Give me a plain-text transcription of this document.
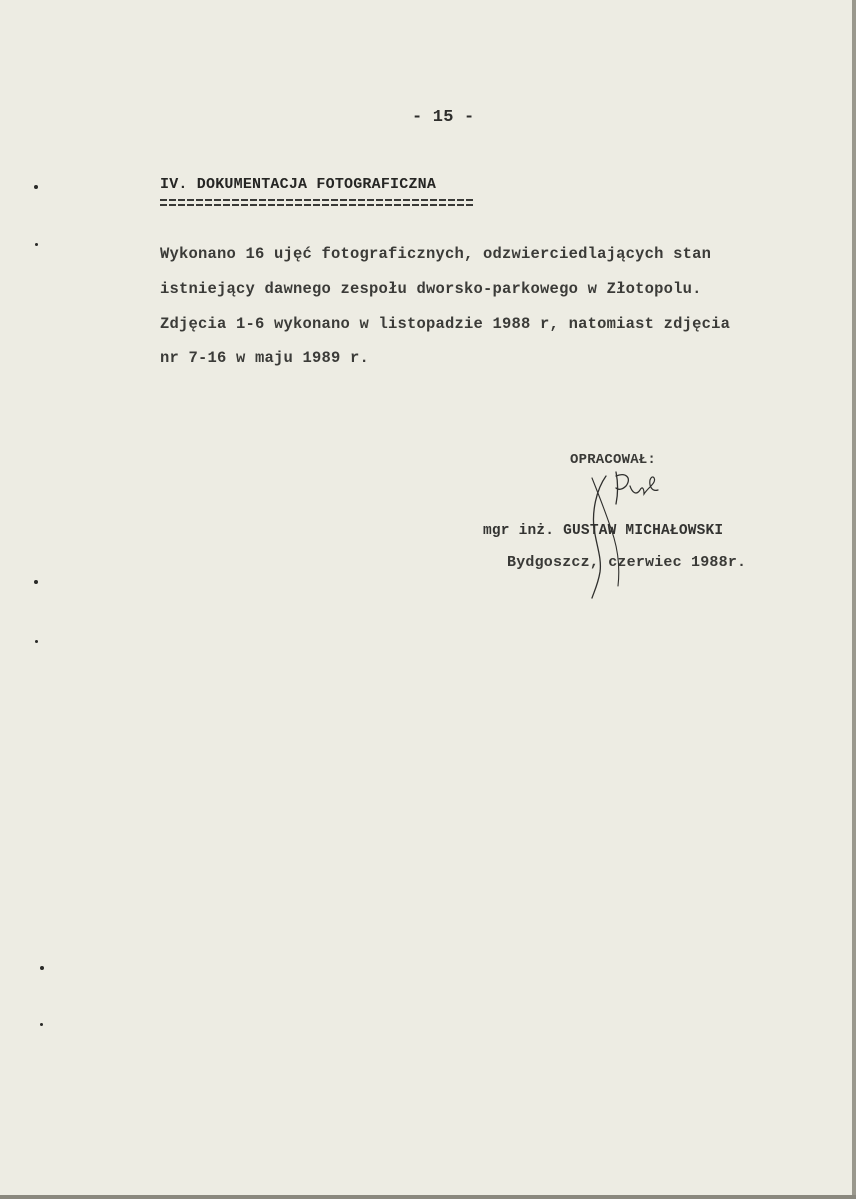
- 15 -
IV. DOKUMENTACJA FOTOGRAFICZNA
Wykonano 16 ujęć fotograficznych, odzwierciedlających stan
istniejący dawnego zespołu dworsko-parkowego w Złotopolu.
Zdjęcia 1-6 wykonano w listopadzie 1988 r, natomiast zdjęcia
nr 7-16 w maju 1989 r.
OPRACOWAŁ:
mgr inż. GUSTAW MICHAŁOWSKI
Bydgoszcz, czerwiec 1988r.
